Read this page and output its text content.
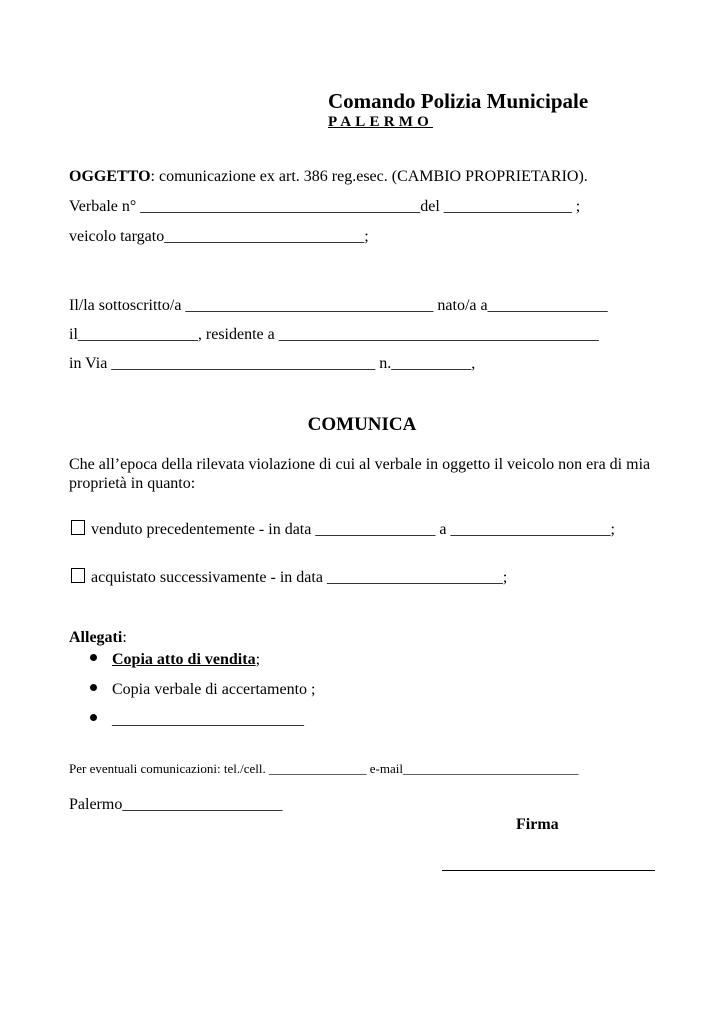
Comando Polizia Municipale
PALERMO
OGGETTO: comunicazione ex art. 386 reg.esec. (CAMBIO PROPRIETARIO).
Verbale n° ___________________________________del ________________ ;
veicolo targato_________________________;
Il/la sottoscritto/a _______________________________ nato/a a_______________
il_______________, residente a ________________________________________
in Via _________________________________ n.__________,
COMUNICA
Che all’epoca della rilevata violazione di cui al verbale in oggetto il veicolo non era di mia proprietà in quanto:
venduto precedentemente - in data _______________ a ____________________;
acquistato successivamente - in data ______________________;
Allegati:
Copia atto di vendita;
Copia verbale di accertamento ;
________________________
Per eventuali comunicazioni: tel./cell. _______________ e-mail___________________________
Palermo____________________
Firma
